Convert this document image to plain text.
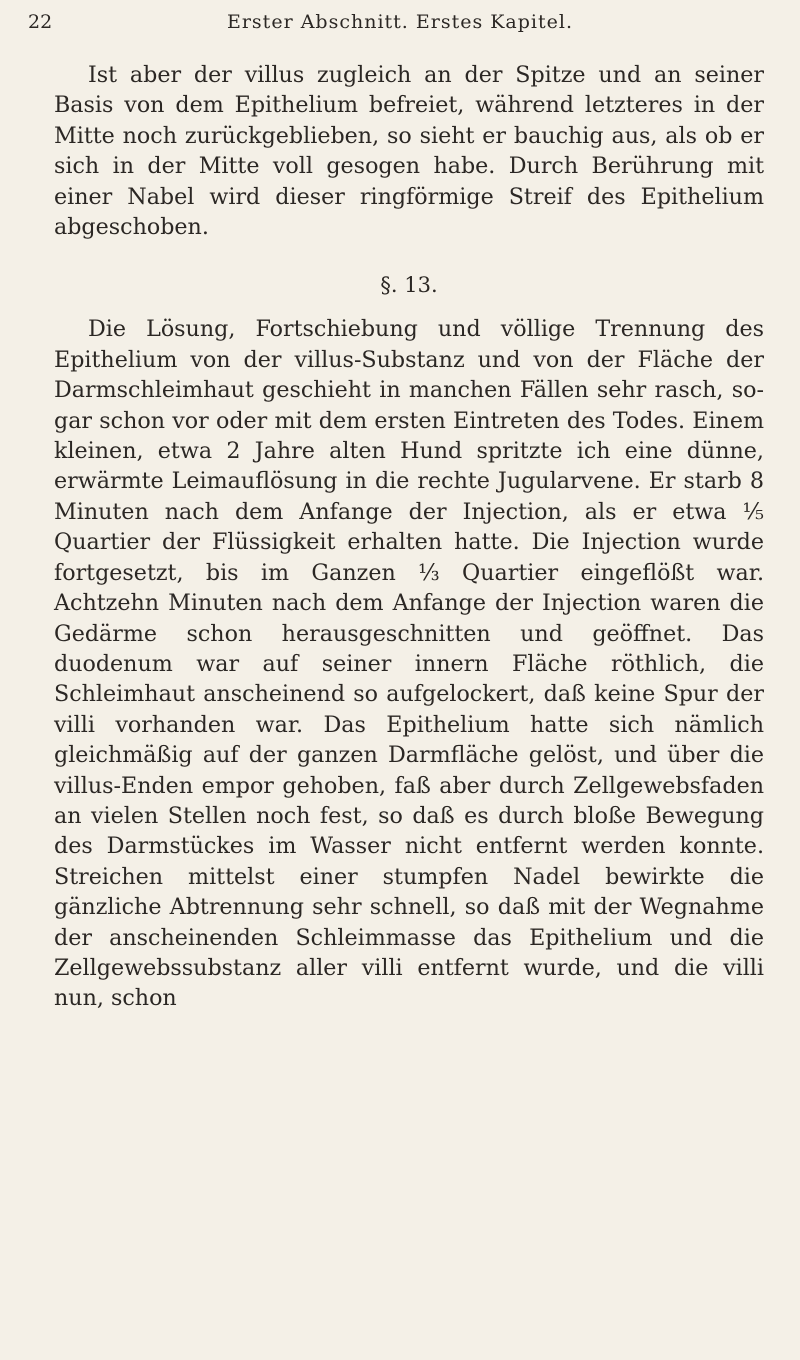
22	Erster Abschnitt. Erstes Kapitel.

Ist aber der villus zugleich an der Spitze und an seiner Basis von dem Epithelium befreiet, während letzteres in der Mitte noch zurückgeblieben, so sieht er bauchig aus, als ob er sich in der Mitte voll gesogen habe. Durch Berührung mit einer Nabel wird dieser ringförmige Streif des Epithelium abgeschoben.

§. 13.

Die Lösung, Fortschiebung und völlige Trennung des Epithelium von der villus-Substanz und von der Fläche der Darmschleimhaut geschieht in manchen Fällen sehr rasch, sogar schon vor oder mit dem ersten Eintreten des Todes. Einem kleinen, etwa 2 Jahre alten Hund spritzte ich eine dünne, erwärmte Leimauflösung in die rechte Jugularvene. Er starb 8 Minuten nach dem Anfange der Injection, als er etwa ⅕ Quartier der Flüssigkeit erhalten hatte. Die Injection wurde fortgesetzt, bis im Ganzen ⅓ Quartier eingeflößt war. Achtzehn Minuten nach dem Anfange der Injection waren die Gedärme schon herausgeschnitten und geöffnet. Das duodenum war auf seiner innern Fläche röthlich, die Schleimhaut anscheinend so aufgelockert, daß keine Spur der villi vorhanden war. Das Epithelium hatte sich nämlich gleichmäßig auf der ganzen Darmfläche gelöst, und über die villus-Enden empor gehoben, faß aber durch Zellgewebsfaden an vielen Stellen noch fest, so daß es durch bloße Bewegung des Darmstückes im Wasser nicht entfernt werden konnte. Streichen mittelst einer stumpfen Nadel bewirkte die gänzliche Abtrennung sehr schnell, so daß mit der Wegnahme der anscheinenden Schleimmasse das Epithelium und die Zellgewebssubstanz aller villi entfernt wurde, und die villi nun, schon
